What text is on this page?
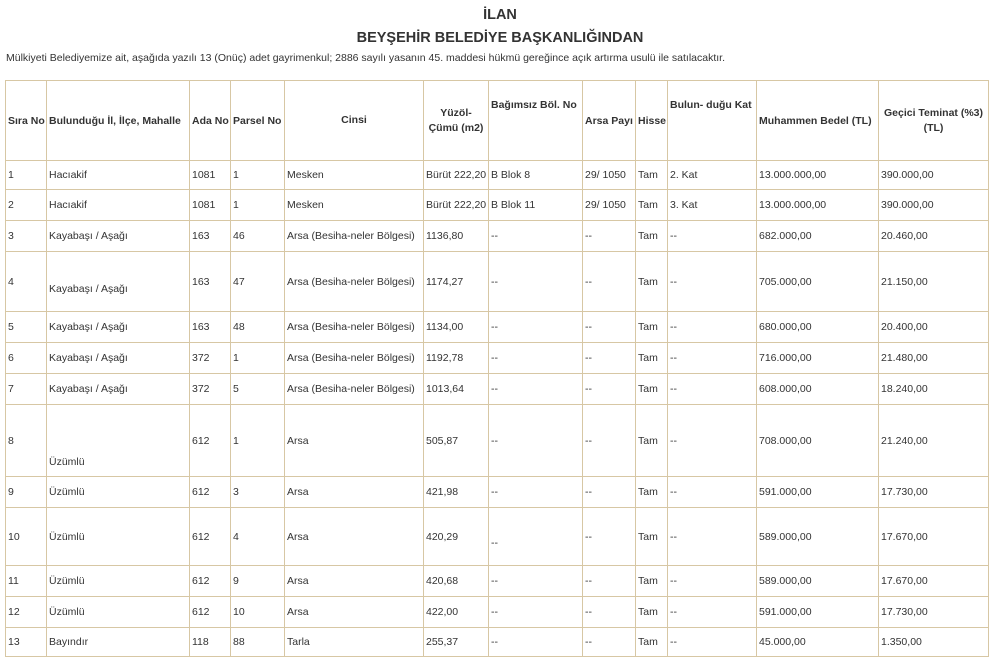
İLAN
BEYŞEHİR BELEDİYE BAŞKANLIĞINDAN
Mülkiyeti Belediyemize ait, aşağıda yazılı 13 (Onüç) adet gayrimenkul; 2886 sayılı yasanın 45. maddesi hükmü gereğince açık artırma usulü ile satılacaktır.
Sıra No	Bulunduğu İl, İlçe, Mahalle	Ada No	Parsel No	Cinsi	Yüzöl- Çümü (m2)	Bağımsız Böl. No	Arsa Payı	Hisse	Bulun- duğu Kat	Muhammen Bedel (TL)	Geçici Teminat (%3) (TL)
1	Hacıakif	1081	1	Mesken	Bürüt 222,20	B Blok 8	29/ 1050	Tam	2. Kat	13.000.000,00	390.000,00
2	Hacıakif	1081	1	Mesken	Bürüt 222,20	B Blok 11	29/ 1050	Tam	3. Kat	13.000.000,00	390.000,00
3	Kayabaşı / Aşağı	163	46	Arsa (Besiha-neler Bölgesi)	1136,80	--	--	Tam	--	682.000,00	20.460,00
4	Kayabaşı / Aşağı	163	47	Arsa (Besiha-neler Bölgesi)	1174,27	--	--	Tam	--	705.000,00	21.150,00
5	Kayabaşı / Aşağı	163	48	Arsa (Besiha-neler Bölgesi)	1134,00	--	--	Tam	--	680.000,00	20.400,00
6	Kayabaşı / Aşağı	372	1	Arsa (Besiha-neler Bölgesi)	1192,78	--	--	Tam	--	716.000,00	21.480,00
7	Kayabaşı / Aşağı	372	5	Arsa (Besiha-neler Bölgesi)	1013,64	--	--	Tam	--	608.000,00	18.240,00
8	Üzümlü	612	1	Arsa	505,87	--	--	Tam	--	708.000,00	21.240,00
9	Üzümlü	612	3	Arsa	421,98	--	--	Tam	--	591.000,00	17.730,00
10	Üzümlü	612	4	Arsa	420,29	--	--	Tam	--	589.000,00	17.670,00
11	Üzümlü	612	9	Arsa	420,68	--	--	Tam	--	589.000,00	17.670,00
12	Üzümlü	612	10	Arsa	422,00	--	--	Tam	--	591.000,00	17.730,00
13	Bayındır	118	88	Tarla	255,37	--	--	Tam	--	45.000,00	1.350,00
